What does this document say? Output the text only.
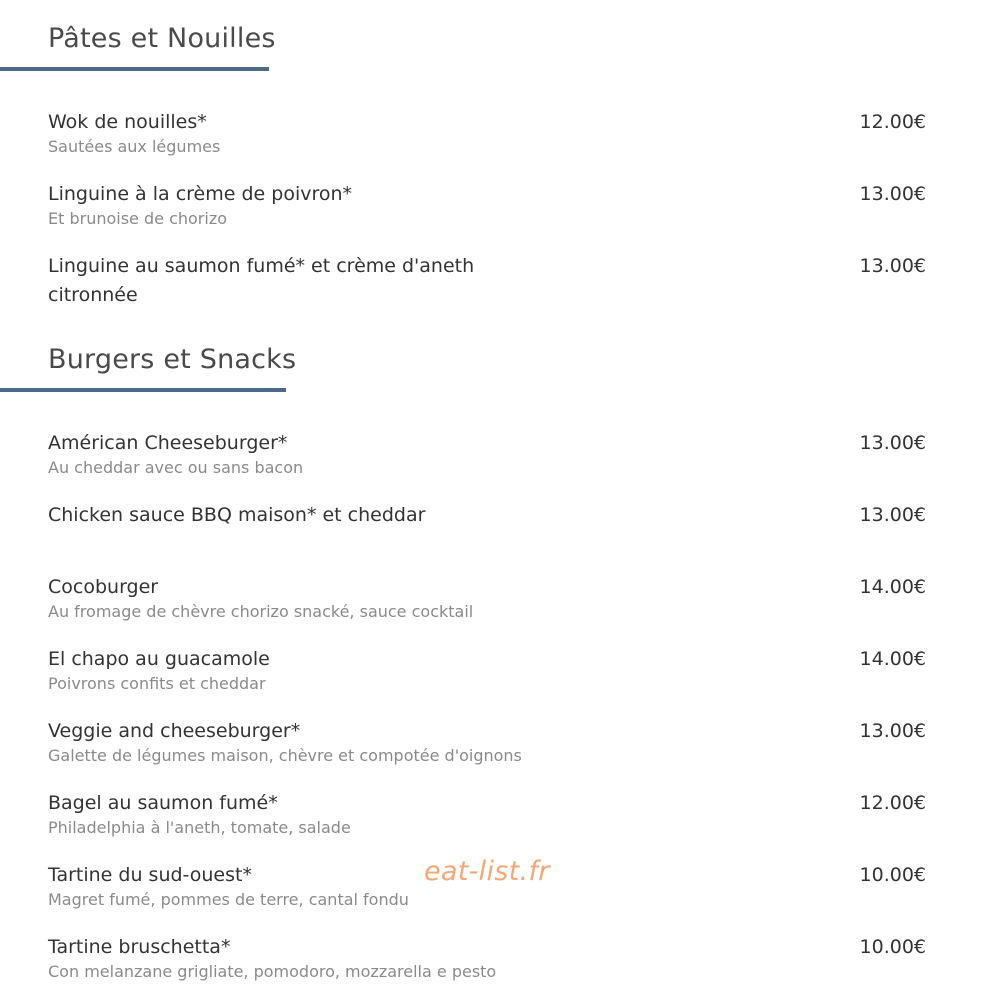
Pâtes et Nouilles
Wok de nouilles*
Sautées aux légumes
12.00€
Linguine à la crème de poivron*
Et brunoise de chorizo
13.00€
Linguine au saumon fumé* et crème d'aneth citronnée
13.00€
Burgers et Snacks
Américan Cheeseburger*
Au cheddar avec ou sans bacon
13.00€
Chicken sauce BBQ maison* et cheddar	13.00€
Cocoburger
Au fromage de chèvre chorizo snacké, sauce cocktail
14.00€
El chapo au guacamole
Poivrons confits et cheddar
14.00€
Veggie and cheeseburger*
Galette de légumes maison, chèvre et compotée d'oignons
13.00€
Bagel au saumon fumé*
Philadelphia à l'aneth, tomate, salade
12.00€
Tartine du sud-ouest*
Magret fumé, pommes de terre, cantal fondu
10.00€
Tartine bruschetta*
Con melanzane grigliate, pomodoro, mozzarella e pesto
10.00€
eat-list.fr
